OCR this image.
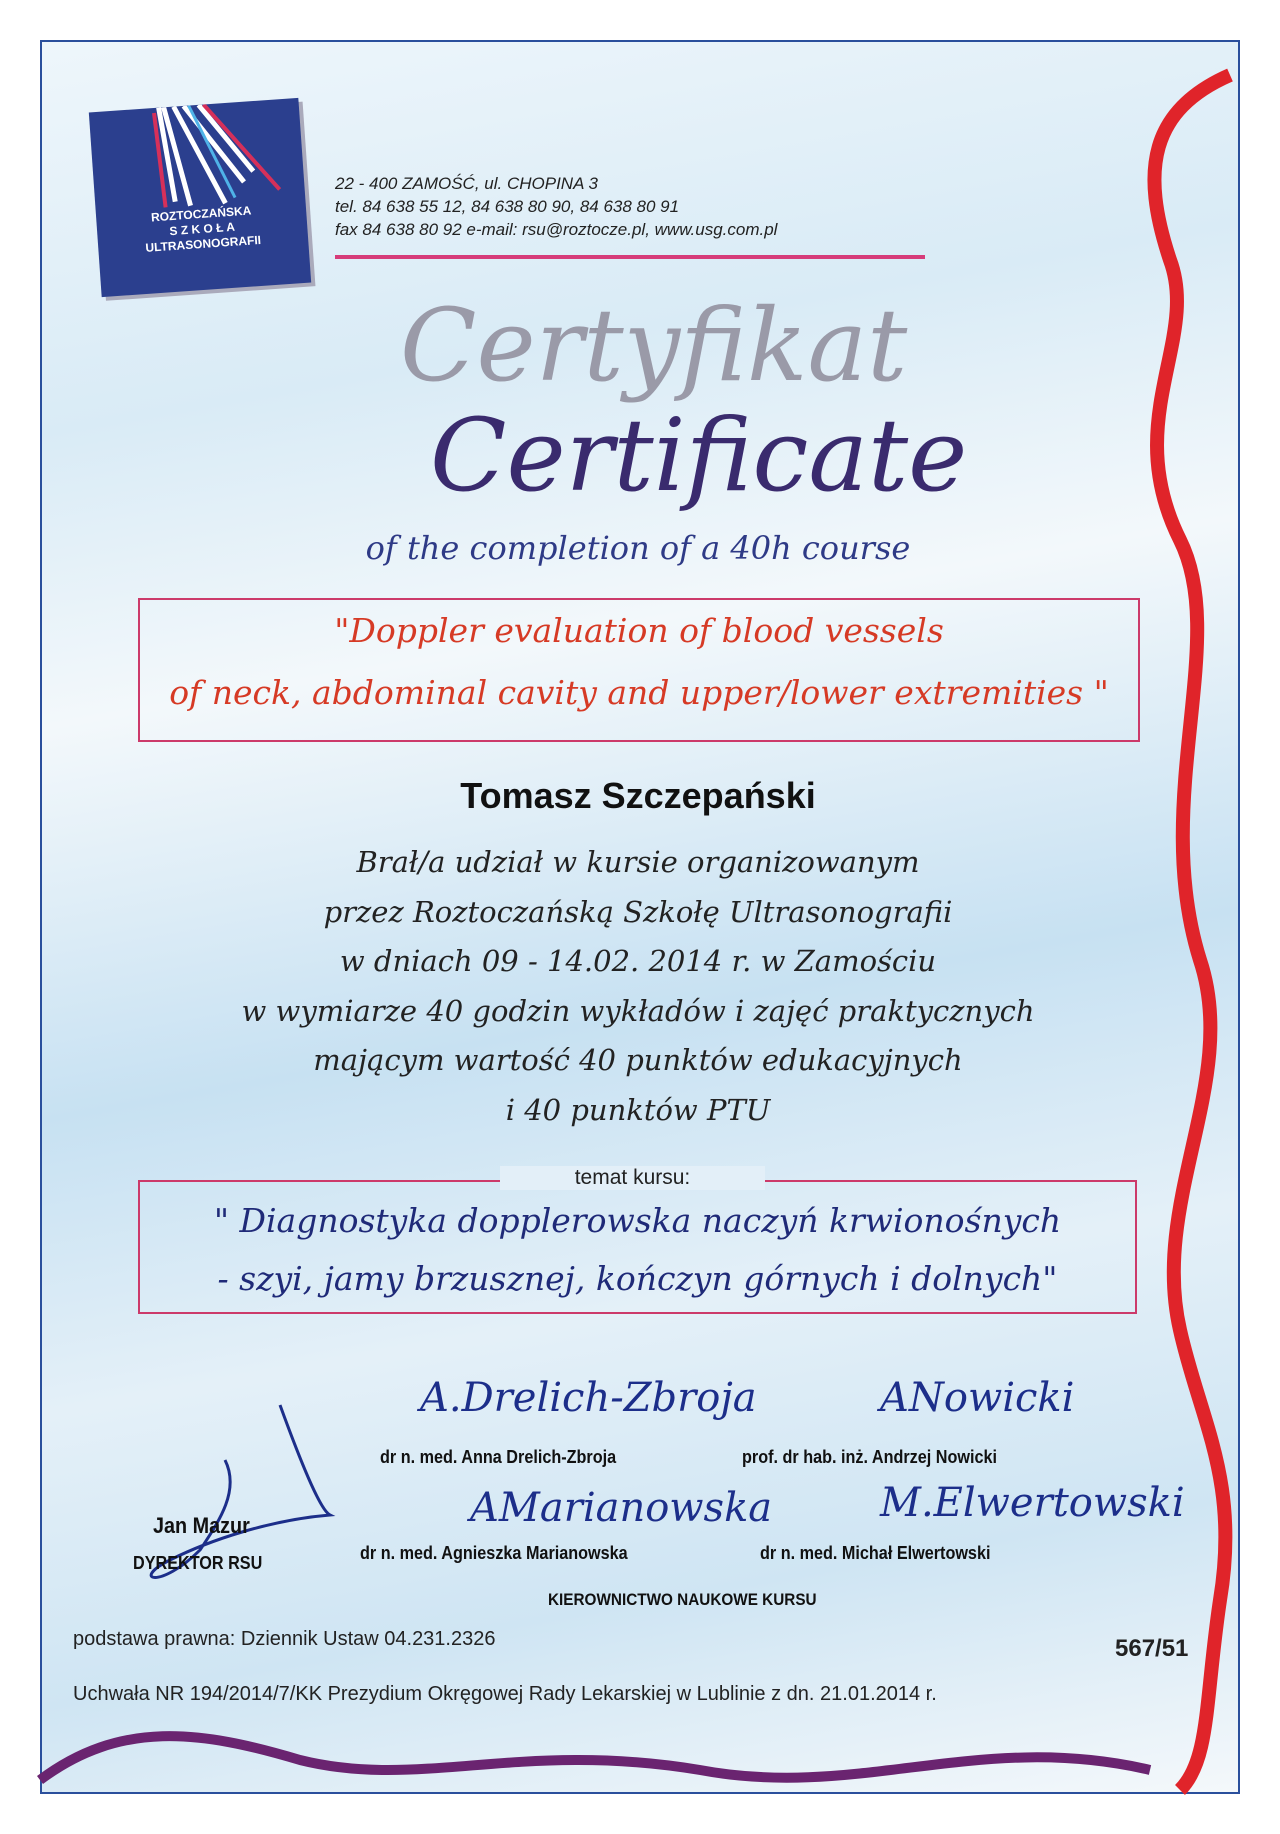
ROZTOCZAŃSKA
S Z K O Ł A
ULTRASONOGRAFII
22 - 400 ZAMOŚĆ, ul. CHOPINA 3
tel. 84 638 55 12, 84 638 80 90, 84 638 80 91
fax 84 638 80 92 e-mail: rsu@roztocze.pl, www.usg.com.pl
Certyfikat
Certificate
of the completion of a 40h course
"Doppler evaluation of blood vessels
of neck, abdominal cavity and upper/lower extremities "
Tomasz Szczepański
Brał/a udział w kursie organizowanym
przez Roztoczańską Szkołę Ultrasonografii
w dniach 09 - 14.02. 2014 r. w Zamościu
w wymiarze 40 godzin wykładów i zajęć praktycznych
mającym wartość 40 punktów edukacyjnych
i 40 punktów PTU
temat kursu:
" Diagnostyka dopplerowska naczyń krwionośnych
- szyi, jamy brzusznej, kończyn górnych i dolnych"
A.Drelich-Zbroja	ANowicki
AMarianowska	M.Elwertowski
Jan Mazur
DYREKTOR RSU
dr n. med. Anna Drelich-Zbroja	prof. dr hab. inż. Andrzej Nowicki
dr n. med. Agnieszka Marianowska	dr n. med. Michał Elwertowski
KIEROWNICTWO NAUKOWE KURSU
podstawa prawna: Dziennik Ustaw 04.231.2326	567/51
Uchwała NR 194/2014/7/KK Prezydium Okręgowej Rady Lekarskiej w Lublinie z dn. 21.01.2014 r.
